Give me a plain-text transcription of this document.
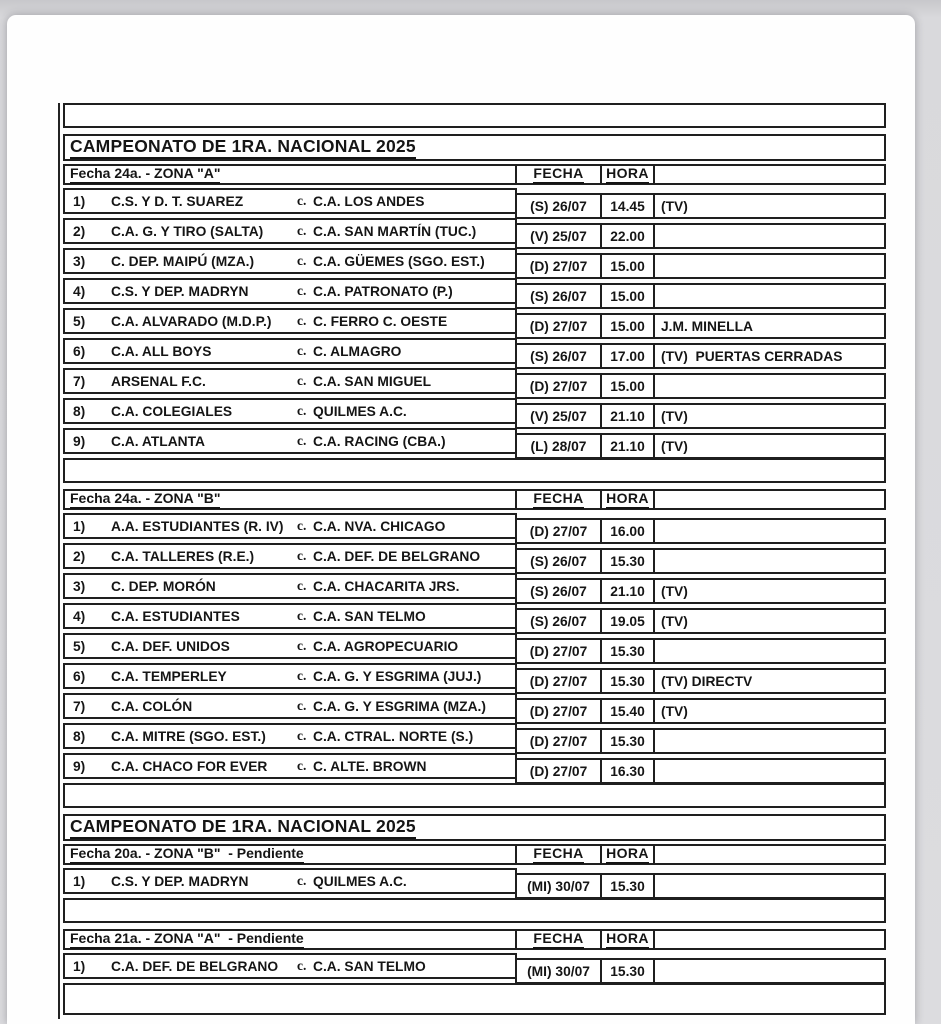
CAMPEONATO DE 1RA. NACIONAL 2025
Fecha 24a. - ZONA "A"	FECHA HORA
1)	C.S. Y D. T. SUAREZ	c. C.A. LOS ANDES	(S) 26/07 14.45 (TV)
2)	C.A. G. Y TIRO (SALTA)	c. C.A. SAN MARTÍN (TUC.)	(V) 25/07 22.00
3)	C. DEP. MAIPÚ (MZA.)	c. C.A. GÜEMES (SGO. EST.)	(D) 27/07 15.00
4)	C.S. Y DEP. MADRYN	c. C.A. PATRONATO (P.)	(S) 26/07 15.00
5)	C.A. ALVARADO (M.D.P.)	c. C. FERRO C. OESTE	(D) 27/07 15.00 J.M. MINELLA
6)	C.A. ALL BOYS	c. C. ALMAGRO	(S) 26/07 17.00 (TV)  PUERTAS CERRADAS
7)	ARSENAL F.C.	c. C.A. SAN MIGUEL	(D) 27/07 15.00
8)	C.A. COLEGIALES	c. QUILMES A.C.	(V) 25/07 21.10 (TV)
9)	C.A. ATLANTA	c. C.A. RACING (CBA.)	(L) 28/07 21.10 (TV)
Fecha 24a. - ZONA "B"	FECHA HORA
1)	A.A. ESTUDIANTES (R. IV)	c. C.A. NVA. CHICAGO	(D) 27/07 16.00
2)	C.A. TALLERES (R.E.)	c. C.A. DEF. DE BELGRANO	(S) 26/07 15.30
3)	C. DEP. MORÓN	c. C.A. CHACARITA JRS.	(S) 26/07 21.10 (TV)
4)	C.A. ESTUDIANTES	c. C.A. SAN TELMO	(S) 26/07 19.05 (TV)
5)	C.A. DEF. UNIDOS	c. C.A. AGROPECUARIO	(D) 27/07 15.30
6)	C.A. TEMPERLEY	c. C.A. G. Y ESGRIMA (JUJ.)	(D) 27/07 15.30 (TV) DIRECTV
7)	C.A. COLÓN	c. C.A. G. Y ESGRIMA (MZA.)	(D) 27/07 15.40 (TV)
8)	C.A. MITRE (SGO. EST.)	c. C.A. CTRAL. NORTE (S.)	(D) 27/07 15.30
9)	C.A. CHACO FOR EVER	c. C. ALTE. BROWN	(D) 27/07 16.30
CAMPEONATO DE 1RA. NACIONAL 2025
Fecha 20a. - ZONA "B"  - Pendiente	FECHA HORA
1)	C.S. Y DEP. MADRYN	c. QUILMES A.C.	(MI) 30/07 15.30
Fecha 21a. - ZONA "A"  - Pendiente	FECHA HORA
1)	C.A. DEF. DE BELGRANO	c. C.A. SAN TELMO	(MI) 30/07 15.30
